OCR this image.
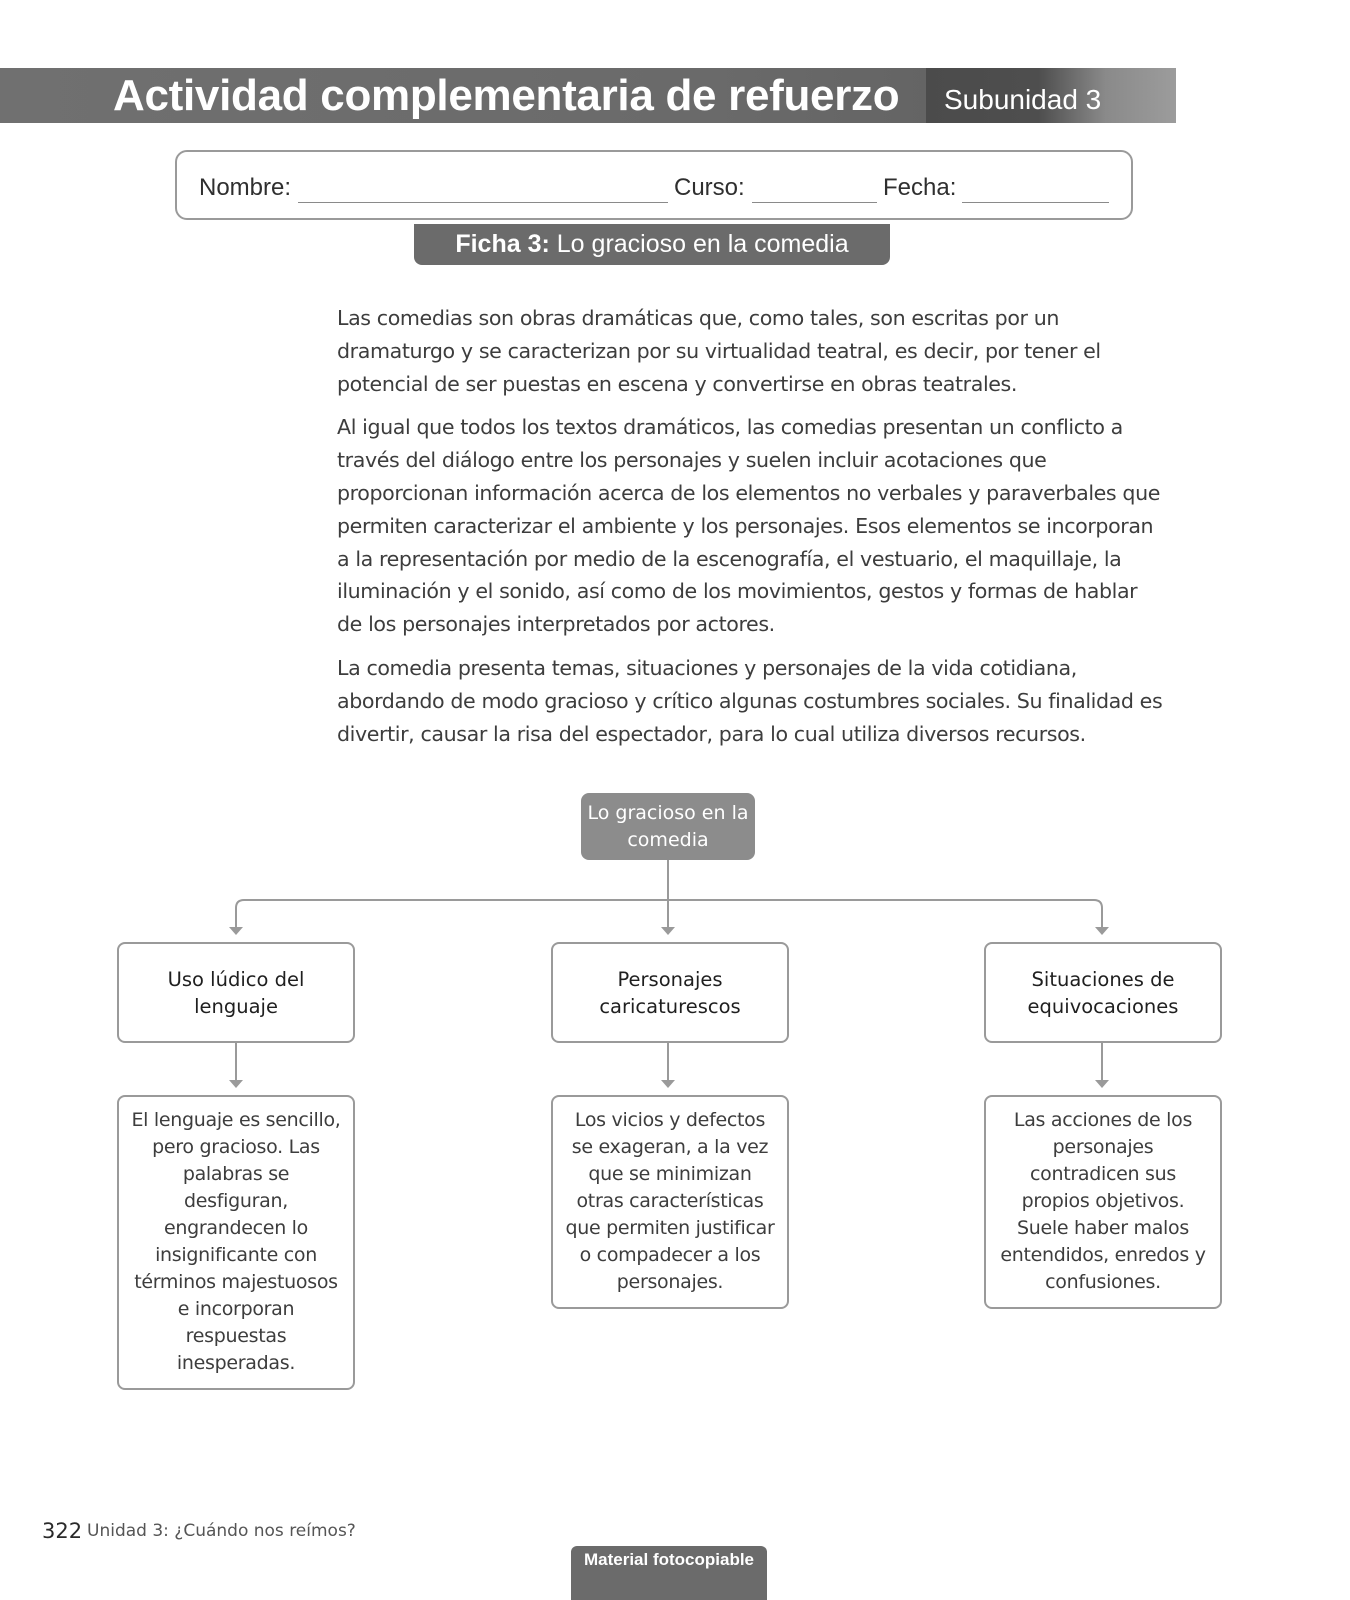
Actividad complementaria de refuerzo Subunidad 3
Nombre:	Curso:	Fecha:
Ficha 3: Lo gracioso en la comedia

Las comedias son obras dramáticas que, como tales, son escritas por un dramaturgo y se caracterizan por su virtualidad teatral, es decir, por tener el potencial de ser puestas en escena y convertirse en obras teatrales.

Al igual que todos los textos dramáticos, las comedias presentan un conflicto a través del diálogo entre los personajes y suelen incluir acotaciones que proporcionan información acerca de los elementos no verbales y paraverbales que permiten caracterizar el ambiente y los personajes. Esos elementos se incorporan a la representación por medio de la escenografía, el vestuario, el maquillaje, la iluminación y el sonido, así como de los movimientos, gestos y formas de hablar de los personajes interpretados por actores.

La comedia presenta temas, situaciones y personajes de la vida cotidiana, abordando de modo gracioso y crítico algunas costumbres sociales. Su finalidad es divertir, causar la risa del espectador, para lo cual utiliza diversos recursos.

Lo gracioso en la comedia
Uso lúdico del lenguaje
Personajes caricaturescos
Situaciones de equivocaciones
El lenguaje es sencillo, pero gracioso. Las palabras se desfiguran, engrandecen lo insignificante con términos majestuosos e incorporan respuestas inesperadas.
Los vicios y defectos se exageran, a la vez que se minimizan otras características que permiten justificar o compadecer a los personajes.
Las acciones de los personajes contradicen sus propios objetivos. Suele haber malos entendidos, enredos y confusiones.
322 Unidad 3: ¿Cuándo nos reímos?
Material fotocopiable
